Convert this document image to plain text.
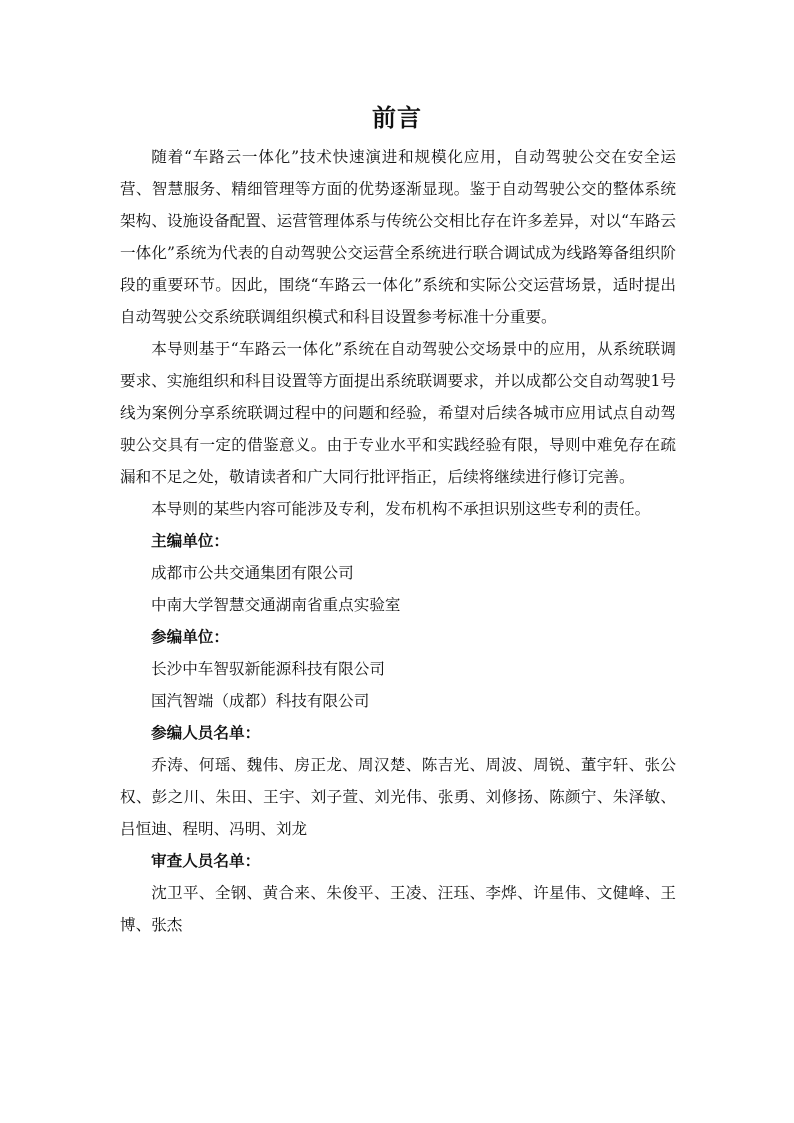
前言

随着“车路云一体化”技术快速演进和规模化应用，自动驾驶公交在安全运营、智慧服务、精细管理等方面的优势逐渐显现。鉴于自动驾驶公交的整体系统架构、设施设备配置、运营管理体系与传统公交相比存在许多差异，对以“车路云一体化”系统为代表的自动驾驶公交运营全系统进行联合调试成为线路筹备组织阶段的重要环节。因此，围绕“车路云一体化”系统和实际公交运营场景，适时提出自动驾驶公交系统联调组织模式和科目设置参考标准十分重要。

本导则基于“车路云一体化”系统在自动驾驶公交场景中的应用，从系统联调要求、实施组织和科目设置等方面提出系统联调要求，并以成都公交自动驾驶1号线为案例分享系统联调过程中的问题和经验，希望对后续各城市应用试点自动驾驶公交具有一定的借鉴意义。由于专业水平和实践经验有限，导则中难免存在疏漏和不足之处，敬请读者和广大同行批评指正，后续将继续进行修订完善。

本导则的某些内容可能涉及专利，发布机构不承担识别这些专利的责任。

主编单位：

成都市公共交通集团有限公司

中南大学智慧交通湖南省重点实验室

参编单位：

长沙中车智驭新能源科技有限公司

国汽智端（成都）科技有限公司

参编人员名单：

乔涛、何瑶、魏伟、房正龙、周汉楚、陈吉光、周波、周锐、董宇轩、张公权、彭之川、朱田、王宇、刘子萱、刘光伟、张勇、刘修扬、陈颜宁、朱泽敏、吕恒迪、程明、冯明、刘龙

审查人员名单：

沈卫平、全钢、黄合来、朱俊平、王凌、汪珏、李烨、许星伟、文健峰、王博、张杰
